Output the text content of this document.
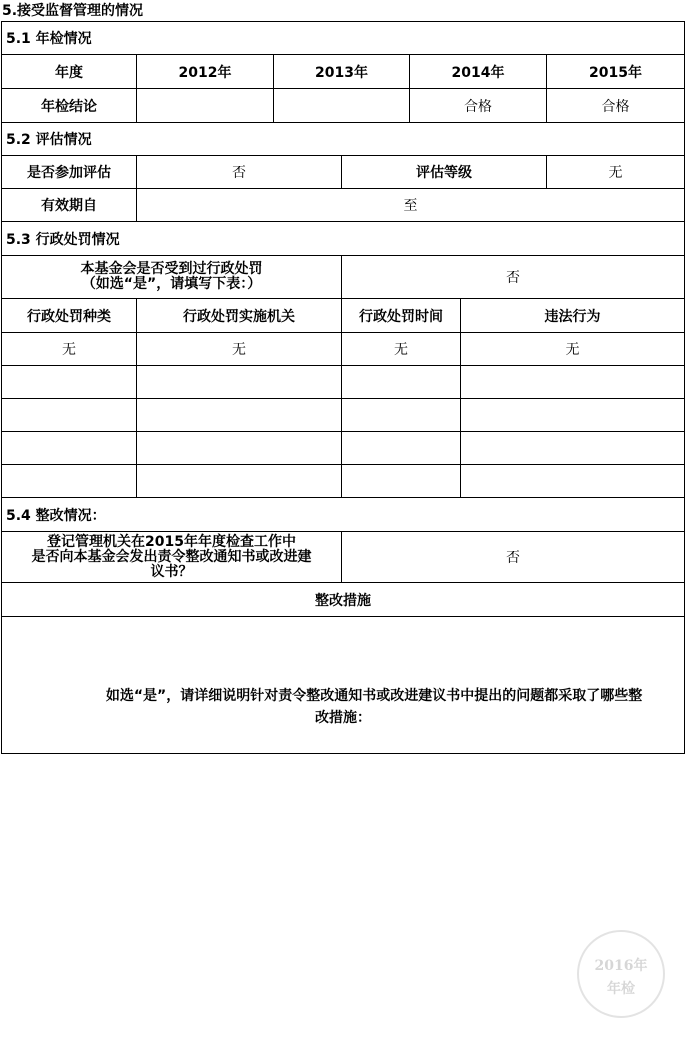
5.接受监督管理的情况
5.1 年检情况						
年度	2012年	2013年		2014年		2015年
年检结论				合格		合格
5.2 评估情况						
是否参加评估	否		评估等级			无
有效期自	至					
5.3 行政处罚情况						

本基金会是否受到过行政处罚
（如选“是”，请填写下表：）			否			
行政处罚种类	行政处罚实施机关		行政处罚时间		违法行为	
无	无		无		无	

5.4 整改情况：						

登记管理机关在2015年年度检查工作中
是否向本基金会发出责令整改通知书或改进建
议书？			否			
整改措施						

如选“是”，请详细说明针对责令整改通知书或改进建议书中提出的问题都采取了哪些整
改措施：						
2016年
年检
